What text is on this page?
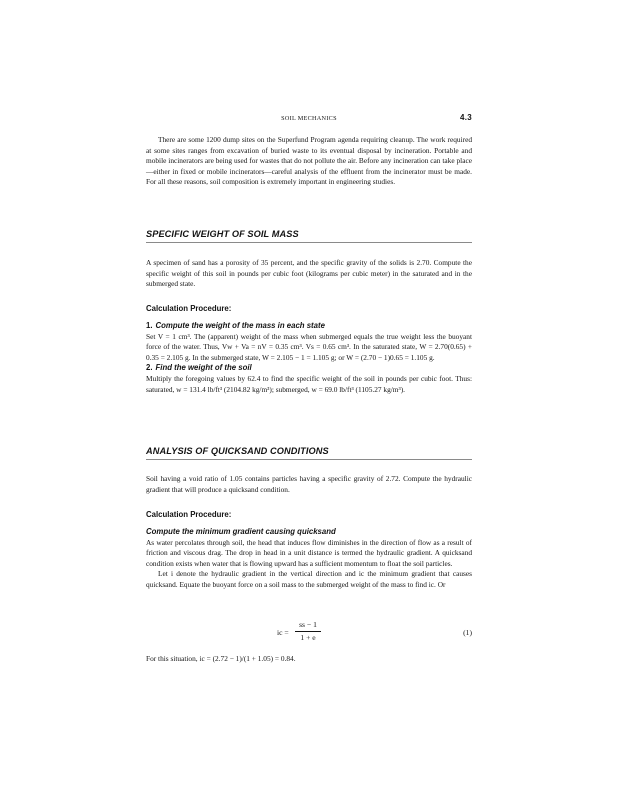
SOIL MECHANICS	4.3

There are some 1200 dump sites on the Superfund Program agenda requiring cleanup. The work required at some sites ranges from excavation of buried waste to its eventual disposal by incineration. Portable and mobile incinerators are being used for wastes that do not pollute the air. Before any incineration can take place—either in fixed or mobile incinerators—careful analysis of the effluent from the incinerator must be made. For all these reasons, soil composition is extremely important in engineering studies.

SPECIFIC WEIGHT OF SOIL MASS

A specimen of sand has a porosity of 35 percent, and the specific gravity of the solids is 2.70. Compute the specific weight of this soil in pounds per cubic foot (kilograms per cubic meter) in the saturated and in the submerged state.

Calculation Procedure:
1. Compute the weight of the mass in each state

Set V = 1 cm³. The (apparent) weight of the mass when submerged equals the true weight less the buoyant force of the water. Thus, Vw + Va = nV = 0.35 cm³. Vs = 0.65 cm³. In the saturated state, W = 2.70(0.65) + 0.35 = 2.105 g. In the submerged state, W = 2.105 − 1 = 1.105 g; or W = (2.70 − 1)0.65 = 1.105 g.

2. Find the weight of the soil

Multiply the foregoing values by 62.4 to find the specific weight of the soil in pounds per cubic foot. Thus: saturated, w = 131.4 lb/ft³ (2104.82 kg/m³); submerged, w = 69.0 lb/ft³ (1105.27 kg/m³).

ANALYSIS OF QUICKSAND CONDITIONS

Soil having a void ratio of 1.05 contains particles having a specific gravity of 2.72. Compute the hydraulic gradient that will produce a quicksand condition.

Calculation Procedure:
Compute the minimum gradient causing quicksand

As water percolates through soil, the head that induces flow diminishes in the direction of flow as a result of friction and viscous drag. The drop in head in a unit distance is termed the hydraulic gradient. A quicksand condition exists when water that is flowing upward has a sufficient momentum to float the soil particles.

Let i denote the hydraulic gradient in the vertical direction and ic the minimum gradient that causes quicksand. Equate the buoyant force on a soil mass to the submerged weight of the mass to find ic. Or

ic =
ss − 1
1 + e
(1)

For this situation, ic = (2.72 − 1)/(1 + 1.05) = 0.84.
